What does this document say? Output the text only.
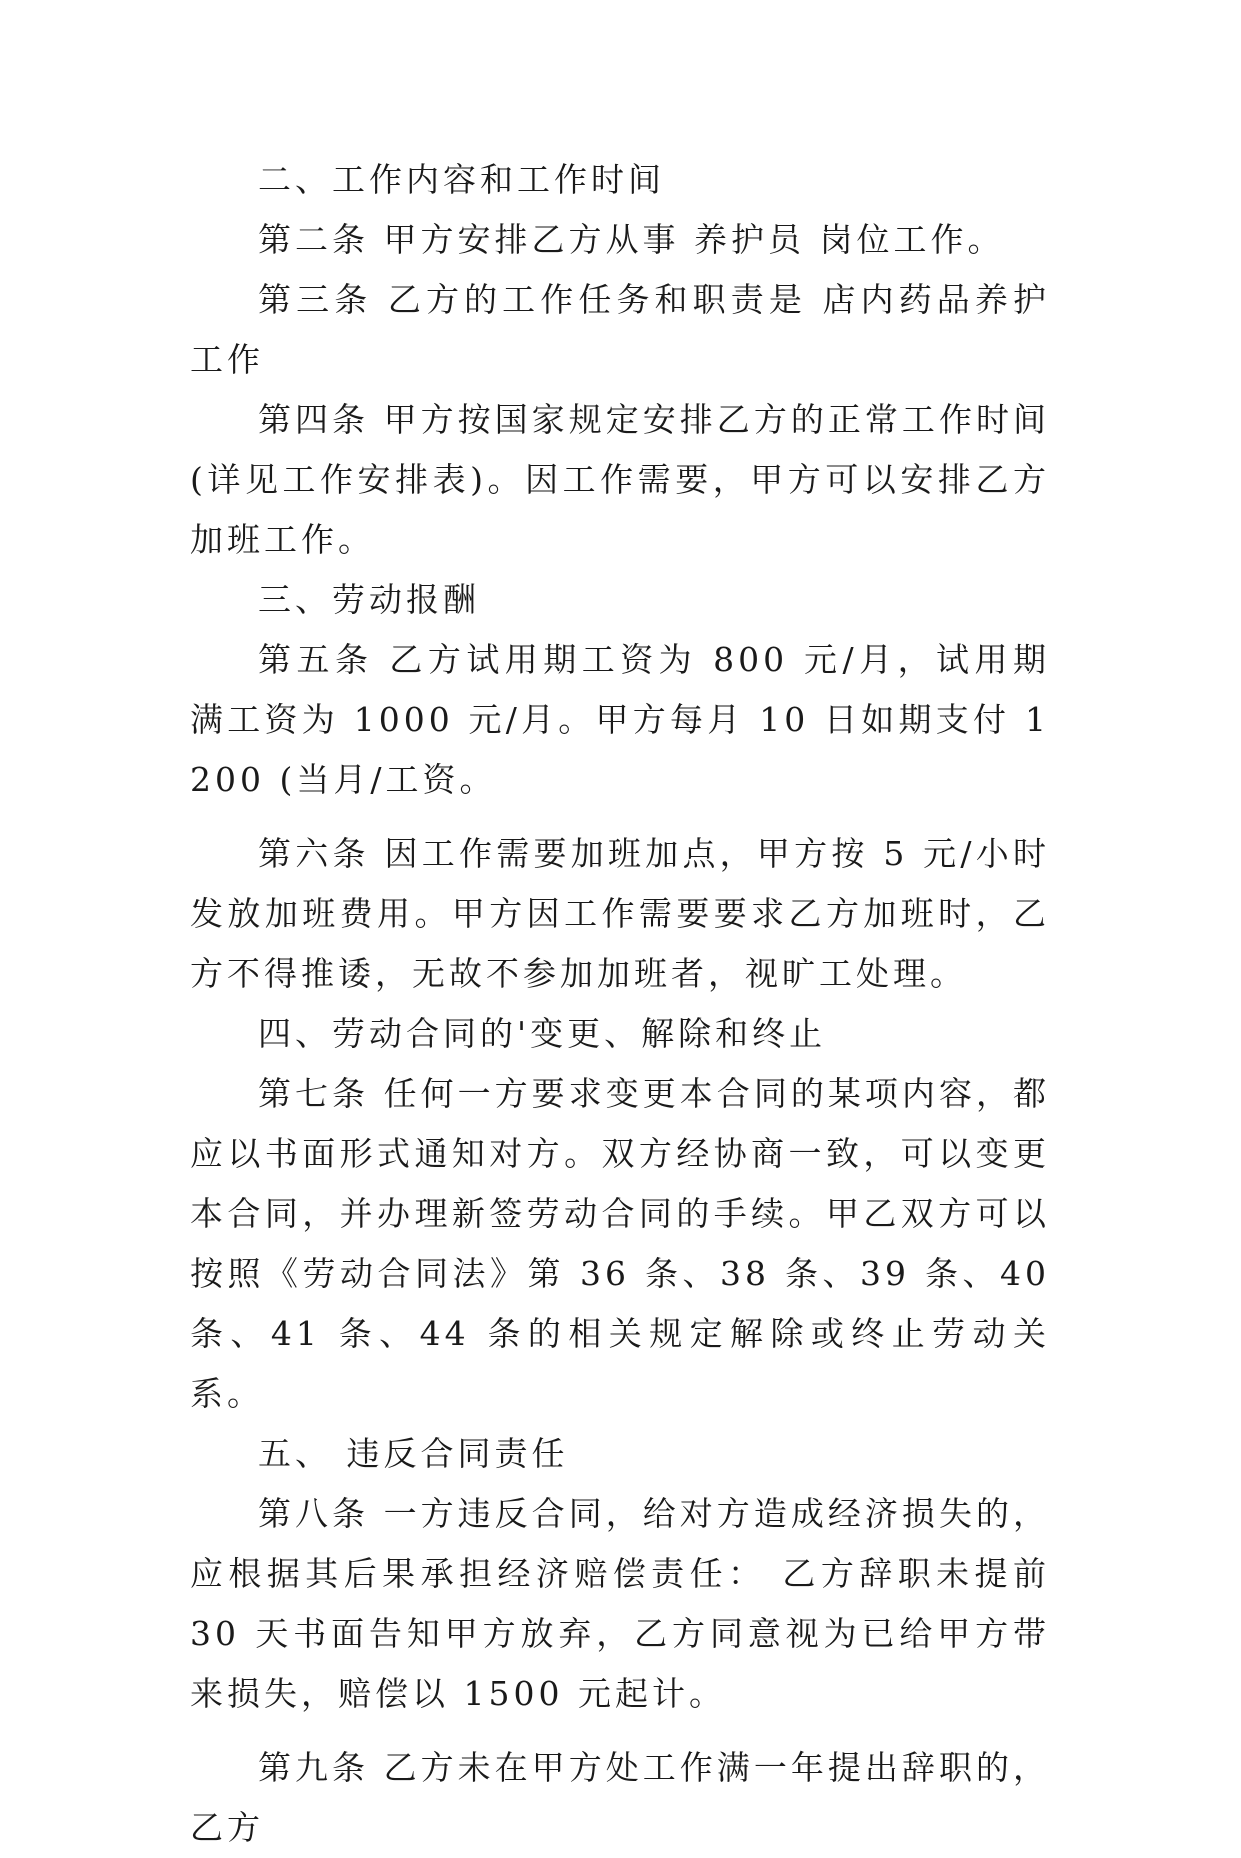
二、工作内容和工作时间

第二条 甲方安排乙方从事 养护员 岗位工作。

第三条 乙方的工作任务和职责是 店内药品养护工作

第四条 甲方按国家规定安排乙方的正常工作时间(详见工作安排表)。因工作需要，甲方可以安排乙方加班工作。

三、劳动报酬

第五条 乙方试用期工资为 800 元/月，试用期满工资为 1000 元/月。甲方每月 10 日如期支付 1200 (当月/工资。

第六条 因工作需要加班加点，甲方按 5 元/小时发放加班费用。甲方因工作需要要求乙方加班时，乙方不得推诿，无故不参加加班者，视旷工处理。

四、劳动合同的'变更、解除和终止

第七条 任何一方要求变更本合同的某项内容，都应以书面形式通知对方。双方经协商一致，可以变更本合同，并办理新签劳动合同的手续。甲乙双方可以按照《劳动合同法》第 36 条、38 条、39 条、40 条、41 条、44 条的相关规定解除或终止劳动关系。

五、 违反合同责任

第八条 一方违反合同，给对方造成经济损失的，应根据其后果承担经济赔偿责任： 乙方辞职未提前 30 天书面告知甲方放弃，乙方同意视为已给甲方带来损失，赔偿以 1500 元起计。

第九条 乙方未在甲方处工作满一年提出辞职的，乙方
